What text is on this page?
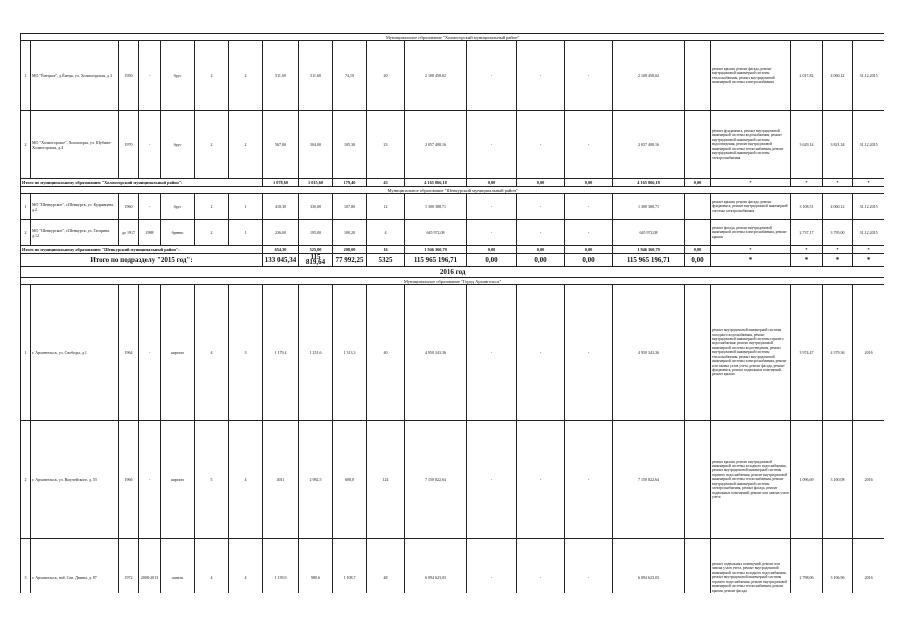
Муниципальное образование "Холмогорский муниципальный район"																				
1	МО "Ёмецкое", д.Ёмецк, ул. Холмогорская, д.3	1950	-	брус	2	2	511,60	511,60	74,10	20	2 108 458,02	-	-	-	2 108 458,02		ремонт крыши, ремонт фасада, ремонт внутридомовой инженерной системы теплоснабжения, ремонт внутридомовой инженерной системы электроснабжения	2 017,82	4 060,12	31.12.2015
2	МО "Холмогорское", Холмогоры, ул. Шубина-Холмогорская, д.4	1970	-	брус	2	2	567,00	504,00	105,30	23	2 057 408,16	-	-	-	2 057 408,16		ремонт фундамента, ремонт внутридомовой инженерной системы водоснабжения, ремонт внутридомовой инженерной системы водоотведения, ремонт внутридомовой инженерной системы теплоснабжения, ремонт внутридомовой инженерной системы электроснабжения	3 629,14	3 821,34	31.12.2015
Итого по муниципальному образованию "Холмогорский муниципальный район":							1 078,60	1 015,60	179,40	43	4 165 866,18	0,00	0,00	0,00	4 165 866,18	0,00	*	*	*	*
Муниципальное образование "Шенкурский муниципальный район"																				
1	МО "Шенкурское", г.Шенкурск, ул. Кудрявцева, д.2	1960	-	брус	2	1	418,30	330,00	107,80	12	1 300 388,71	-	-	-	1 300 388,71		ремонт крыши, ремонт фасада, ремонт фундамента, ремонт внутридомовой инженерной системы электроснабжения	3 108,51	4 060,12	31.12.2015
2	МО "Шенкурское", г.Шенкурск, ул. Гагарина, д.12	до 1917	1988	бревно	2	1	236,00	195,00	100,20	4	645 972,08	-	-	-	645 972,08		ремонт фасада, ремонт внутридомовой инженерной системы электроснабжения, ремонт крыши	2 737,17	3 795,00	31.12.2015
Итого по муниципальному образованию "Шенкурский муниципальный район":							654,30	525,00	208,00	16	1 946 360,79	0,00	0,00	0,00	1 946 360,79	0,00	*	*	*	*
Итого по подразделу "2015 год":							133 045,34	115 819,64	77 992,25	5325	115 965 196,71	0,00	0,00	0,00	115 965 196,71	0,00	*	*	*	*
2016 год																				
Муниципальное образование "Город Архангельск"																				
1	г. Архангельск, ул. Свободы, д.1	1964	-	кирпич	4	3	1 179,4	1 231,6	1 313,3	40	4 950 343,36	-	-	-	4 950 343,36		ремонт внутридомовой инженерной системы холодного водоснабжения, ремонт внутридомовой инженерной системы горячего водоснабжения, ремонт внутридомовой инженерной системы водоотведения, ремонт внутридомовой инженерной системы теплоснабжения, ремонт внутридомовой инженерной системы электроснабжения, ремонт или замена узлов учета, ремонт фасада, ремонт фундамента, ремонт подвальных помещений, ремонт крыши	3 974,47	4 379,36	2016
2	г. Архангельск, ул. Выучейского, д. 55	1966	-	кирпич	5	4	4011	2 982,5	608,0	124	7 150 822,64	-	-	-	7 150 822,64		ремонт крыши, ремонт внутридомовой инженерной системы холодного водоснабжения, ремонт внутридомовой инженерной системы горячего водоснабжения, ремонт внутридомовой инженерной системы теплоснабжения, ремонт внутридомовой инженерной системы электроснабжения, ремонт фасада, ремонт подвальных помещений, ремонт или замена узлов учета	1 096,69	3 160,08	2016
3	г. Архангельск, наб. Сев. Двины, д. 87	1972	2008-2013	панель	4	4	1 139,9	980,6	1 108,7	48	6 094 623,03	-	-	-	6 094 623,03		ремонт подвальных помещений, ремонт или замена узлов учета, ремонт внутридомовой инженерной системы холодного водоснабжения, ремонт внутридомовой инженерной системы горячего водоснабжения, ремонт внутридомовой инженерной системы теплоснабжения, ремонт крыши, ремонт фасада	2 798,06	3 106,96	2016
